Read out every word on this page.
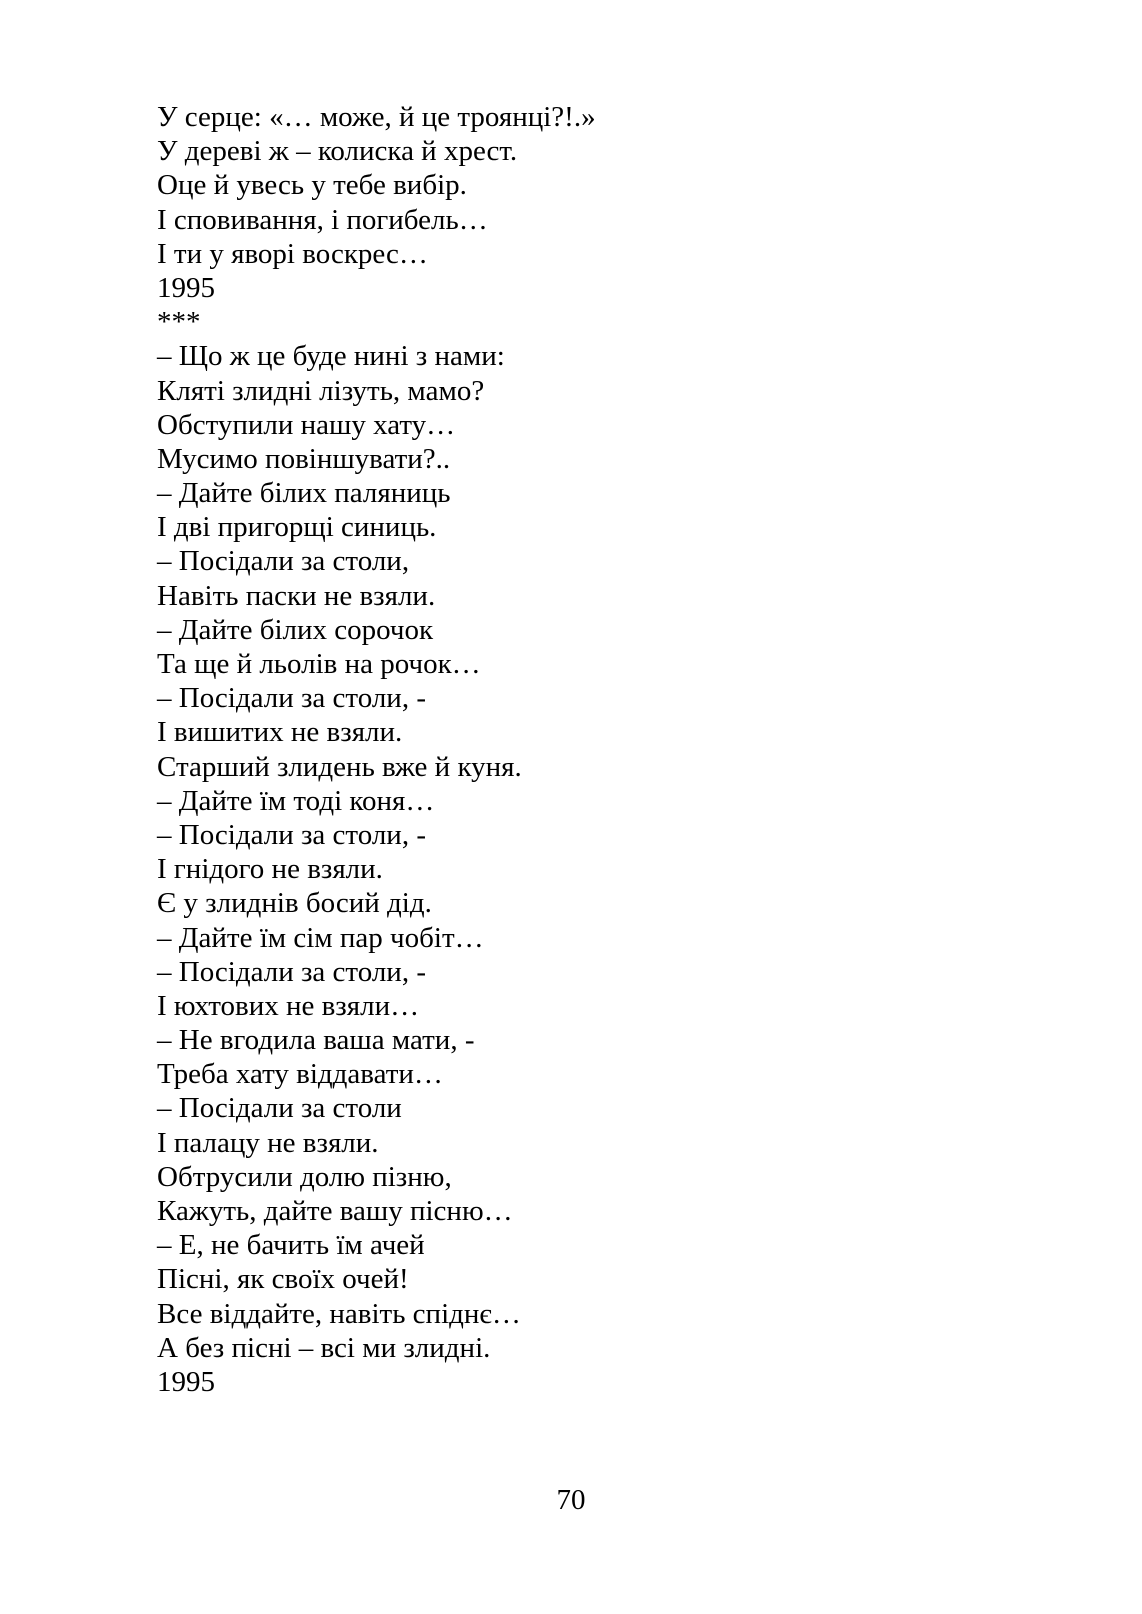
У серце: «… може, й це троянці?!.»
У дереві ж – колиска й хрест.
Оце й увесь у тебе вибір.
І сповивання, і погибель…
І ти у яворі воскрес…
1995
***
– Що ж це буде нині з нами:
Кляті злидні лізуть, мамо?
Обступили нашу хату…
Мусимо повіншувати?..
– Дайте білих паляниць
І дві пригорщі синиць.
– Посідали за столи,
Навіть паски не взяли.
– Дайте білих сорочок
Та ще й льолів на рочок…
– Посідали за столи, -
І вишитих не взяли.
Старший злидень вже й куня.
– Дайте їм тоді коня…
– Посідали за столи, -
І гнідого не взяли.
Є у злиднів босий дід.
– Дайте їм сім пар чобіт…
– Посідали за столи, -
І юхтових не взяли…
– Не вгодила ваша мати, -
Треба хату віддавати…
– Посідали за столи
І палацу не взяли.
Обтрусили долю пізню,
Кажуть, дайте вашу пісню…
– Е, не бачить їм ачей
Пісні, як своїх очей!
Все віддайте, навіть спіднє…
А без пісні – всі ми злидні.
1995
70
